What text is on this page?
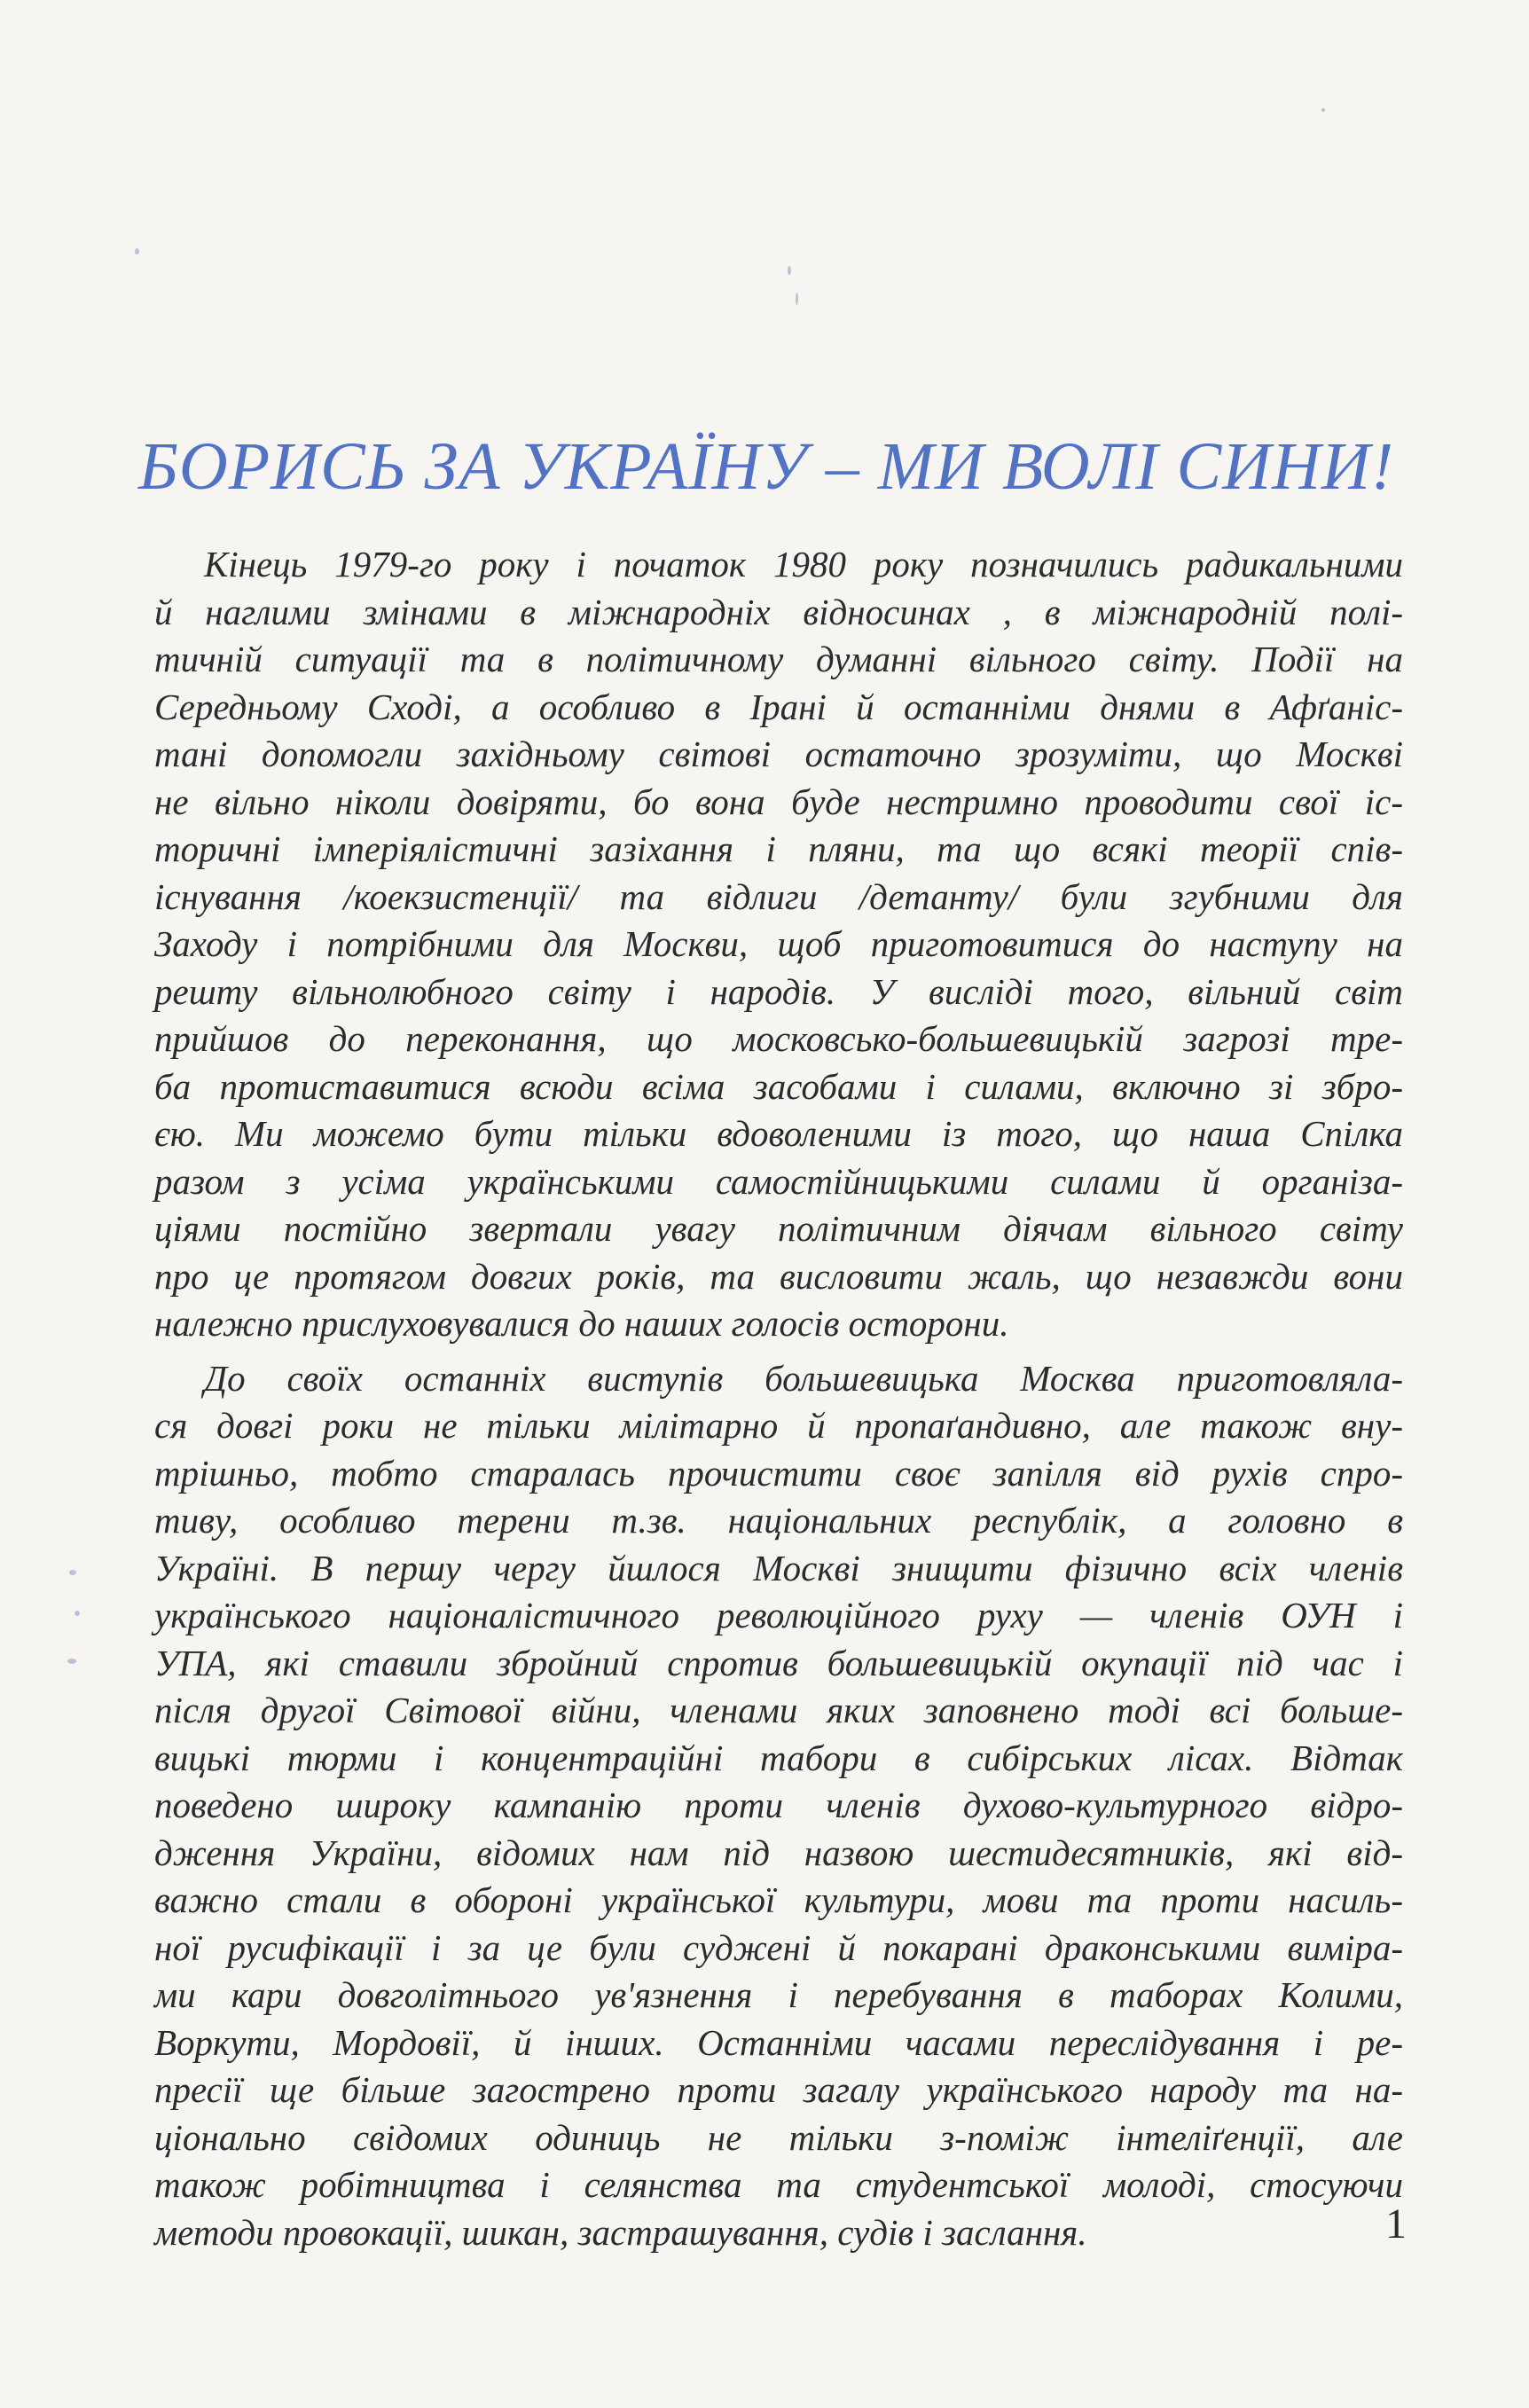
БОРИСЬ ЗА УКРАЇНУ – МИ ВОЛІ СИНИ!
Кінець 1979-го року і початок 1980 року позначились радикальними
й наглими змінами в міжнародніх відносинах , в міжнародній полі-
тичній ситуації та в політичному думанні вільного світу. Події на
Середньому Сході, а особливо в Ірані й останніми днями в Афґаніс-
тані допомогли західньому світові остаточно зрозуміти, що Москві
не вільно ніколи довіряти, бо вона буде нестримно проводити свої іс-
торичні імперіялістичні зазіхання і пляни, та що всякі теорії спів-
існування /коекзистенції/ та відлиги /детанту/ були згубними для
Заходу і потрібними для Москви, щоб приготовитися до наступу на
решту вільнолюбного світу і народів. У висліді того, вільний світ
прийшов до переконання, що московсько-большевицькій загрозі тре-
ба протиставитися всюди всіма засобами і силами, включно зі збро-
єю. Ми можемо бути тільки вдоволеними із того, що наша Спілка
разом з усіма українськими самостійницькими силами й організа-
ціями постійно звертали увагу політичним діячам вільного світу
про це протягом довгих років, та висловити жаль, що незавжди вони
належно прислуховувалися до наших голосів осторони.
До своїх останніх виступів большевицька Москва приготовляла-
ся довгі роки не тільки мілітарно й пропаґандивно, але також вну-
трішньо, тобто старалась прочистити своє запілля від рухів спро-
тиву, особливо терени т.зв. національних республік, а головно в
Україні. В першу чергу йшлося Москві знищити фізично всіх членів
українського націоналістичного революційного руху — членів ОУН і
УПА, які ставили збройний спротив большевицькій окупації під час і
після другої Світової війни, членами яких заповнено тоді всі больше-
вицькі тюрми і концентраційні табори в сибірських лісах. Відтак
поведено широку кампанію проти членів духово-культурного відро-
дження України, відомих нам під назвою шестидесятників, які від-
важно стали в обороні української культури, мови та проти насиль-
ної русифікації і за це були суджені й покарані драконськими виміра-
ми кари довголітнього ув'язнення і перебування в таборах Колими,
Воркути, Мордовії, й інших. Останніми часами переслідування і ре-
пресії ще більше загострено проти загалу українського народу та на-
ціонально свідомих одиниць не тільки з-поміж інтеліґенції, але
також робітництва і селянства та студентської молоді, стосуючи
методи провокації, шикан, застрашування, судів і заслання.	1
